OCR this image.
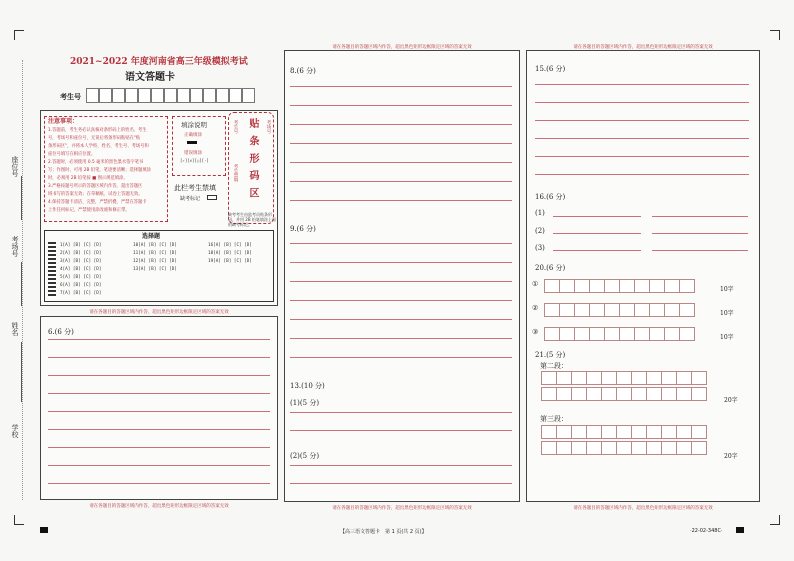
座位号
考场号
姓名
学校
2021~2022 年度河南省高三年级模拟考试
语文答题卡
考生号
注意事项：
1.答题前，考生务必认真核对条形码上的姓名、考生
号，考场号和座位号，无误后将条形码粘贴在"贴
条形码区"，并将本人学校、姓名、考生号、考场号和
座位号填写在相应位置。
2.答题时，必须使用 0.5 毫米的黑色墨水签字笔书
写；作图时，可用 2B 铅笔，笔迹要清晰；选择题填涂
时，必须用 2B 铅笔按 ■ 图示规范填涂。
3.严格按题号所示的答题区域内作答，超出答题区
域书写的答案无效；在草稿纸、试卷上答题无效。
4.保持答题卡清洁、完整，严禁折叠，严禁在答题卡
上作任何标记，严禁使用涂改液和修正带。
填涂说明
正确填涂
错误填涂
[✓][✗][○][·]	贴 条 形 码 区
考生号	考场号
考生禁填
此栏考生禁填
缺考标记
缺考考生由监考员贴条形码，并用 2B 铅笔填涂上面的缺考标记。
选择题
1[A] [B] [C] [D]	10[A] [B] [C] [D]	16[A] [B] [C] [D]
2[A] [B] [C] [D]	11[A] [B] [C] [D]	18[A] [B] [C] [D]
3[A] [B] [C] [D]	12[A] [B] [C] [D]	19[A] [B] [C] [D]
4[A] [B] [C] [D]	13[A] [B] [C] [D]
5[A] [B] [C] [D]
6[A] [B] [C] [D]
7[A] [B] [C] [D]
请在各题目的答题区域内作答，超出黑色矩形边框限定区域的答案无效
6.(6 分)
请在各题目的答题区域内作答，超出黑色矩形边框限定区域的答案无效
请在各题目的答题区域内作答，超出黑色矩形边框限定区域的答案无效
8.(6 分)
9.(6 分)
13.(10 分)
(1)(5 分)
(2)(5 分)
请在各题目的答题区域内作答，超出黑色矩形边框限定区域的答案无效
请在各题目的答题区域内作答，超出黑色矩形边框限定区域的答案无效
15.(6 分)
16.(6 分)
(1)
(2)
(3)
20.(6 分)
①
②
③
10字
10字
10字
21.(5 分)
第二段：
第三段：
20字
20字
请在各题目的答题区域内作答，超出黑色矩形边框限定区域的答案无效
【高三语文答题卡　第 1 页(共 2 页)】	·22-02-348C·
